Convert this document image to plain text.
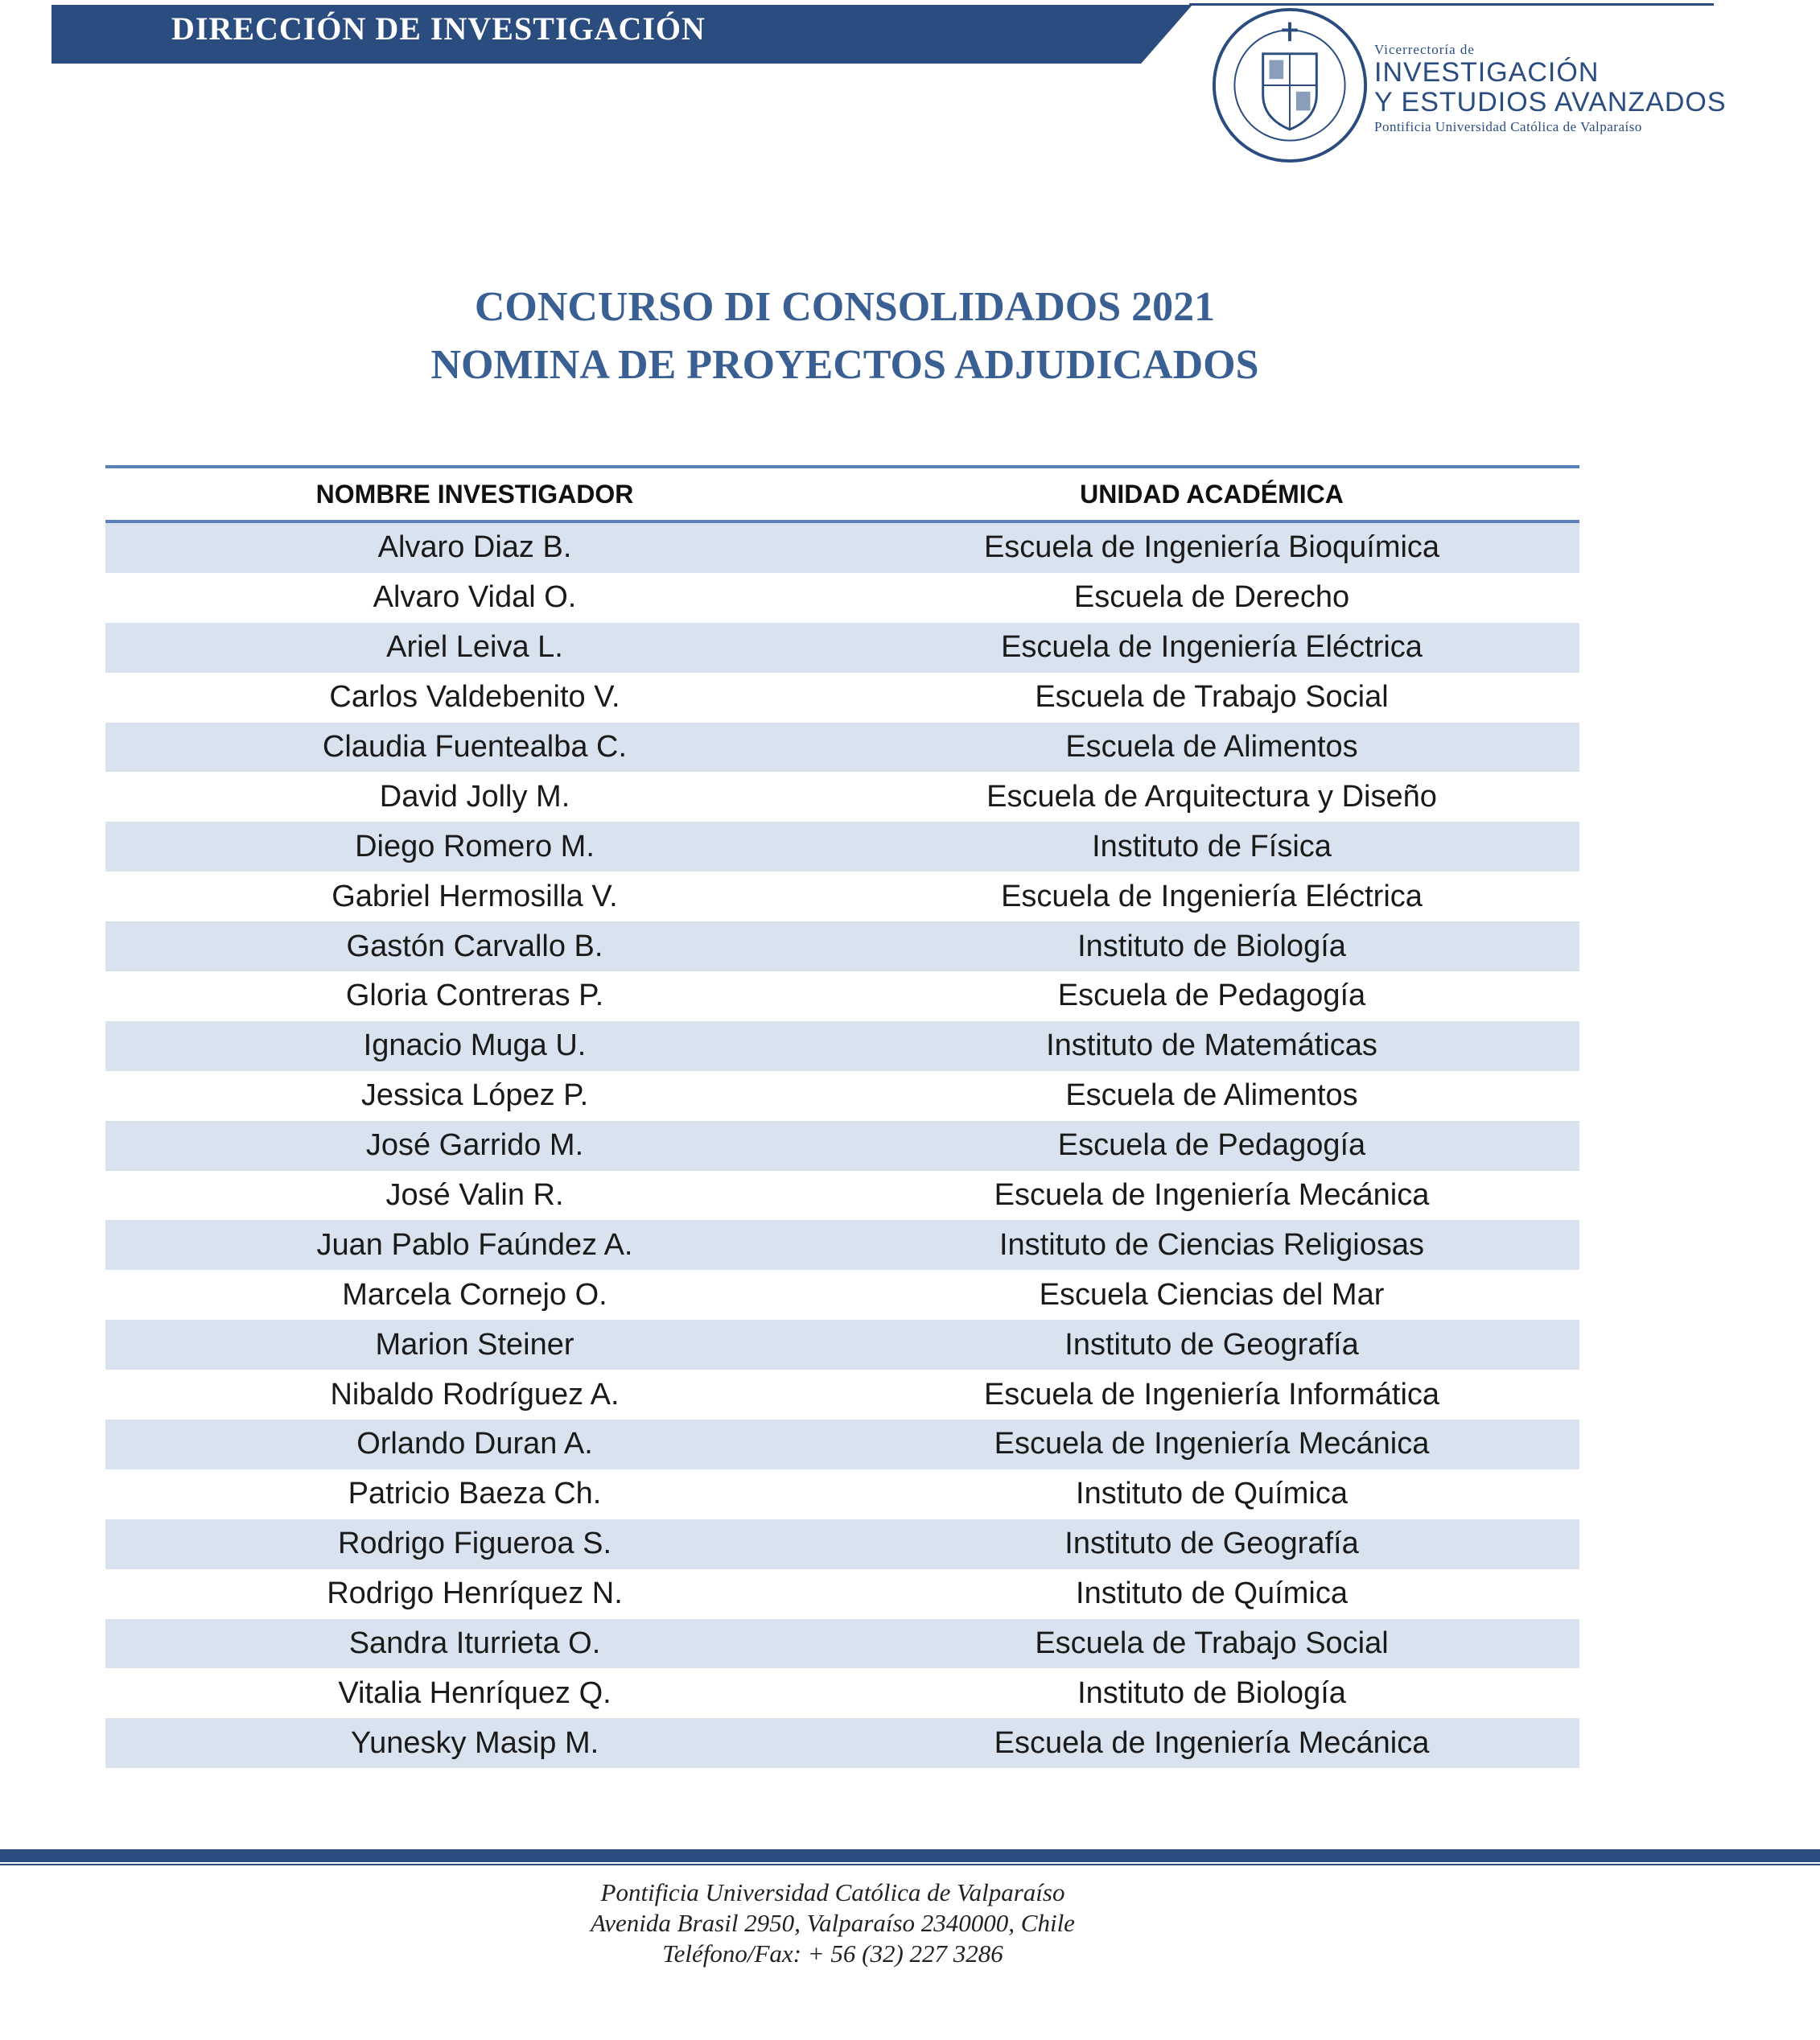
DIRECCIÓN DE INVESTIGACIÓN
Vicerrectoría de
INVESTIGACIÓN
Y ESTUDIOS AVANZADOS
Pontificia Universidad Católica de Valparaíso
CONCURSO DI CONSOLIDADOS 2021
NOMINA DE PROYECTOS ADJUDICADOS
NOMBRE INVESTIGADOR	UNIDAD ACADÉMICA
Alvaro Diaz B.	Escuela de Ingeniería Bioquímica
Alvaro Vidal O.	Escuela de Derecho
Ariel Leiva L.	Escuela de Ingeniería Eléctrica
Carlos Valdebenito V.	Escuela de Trabajo Social
Claudia Fuentealba C.	Escuela de Alimentos
David Jolly M.	Escuela de Arquitectura y Diseño
Diego Romero M.	Instituto de Física
Gabriel Hermosilla V.	Escuela de Ingeniería Eléctrica
Gastón Carvallo B.	Instituto de Biología
Gloria Contreras P.	Escuela de Pedagogía
Ignacio Muga U.	Instituto de Matemáticas
Jessica López P.	Escuela de Alimentos
José Garrido M.	Escuela de Pedagogía
José Valin R.	Escuela de Ingeniería Mecánica
Juan Pablo Faúndez A.	Instituto de Ciencias Religiosas
Marcela Cornejo O.	Escuela Ciencias del Mar
Marion Steiner	Instituto de Geografía
Nibaldo Rodríguez A.	Escuela de Ingeniería Informática
Orlando Duran A.	Escuela de Ingeniería Mecánica
Patricio Baeza Ch.	Instituto de Química
Rodrigo Figueroa S.	Instituto de Geografía
Rodrigo Henríquez N.	Instituto de Química
Sandra Iturrieta O.	Escuela de Trabajo Social
Vitalia Henríquez Q.	Instituto de Biología
Yunesky Masip M.	Escuela de Ingeniería Mecánica
Pontificia Universidad Católica de Valparaíso
Avenida Brasil 2950, Valparaíso 2340000, Chile
Teléfono/Fax: + 56 (32) 227 3286
